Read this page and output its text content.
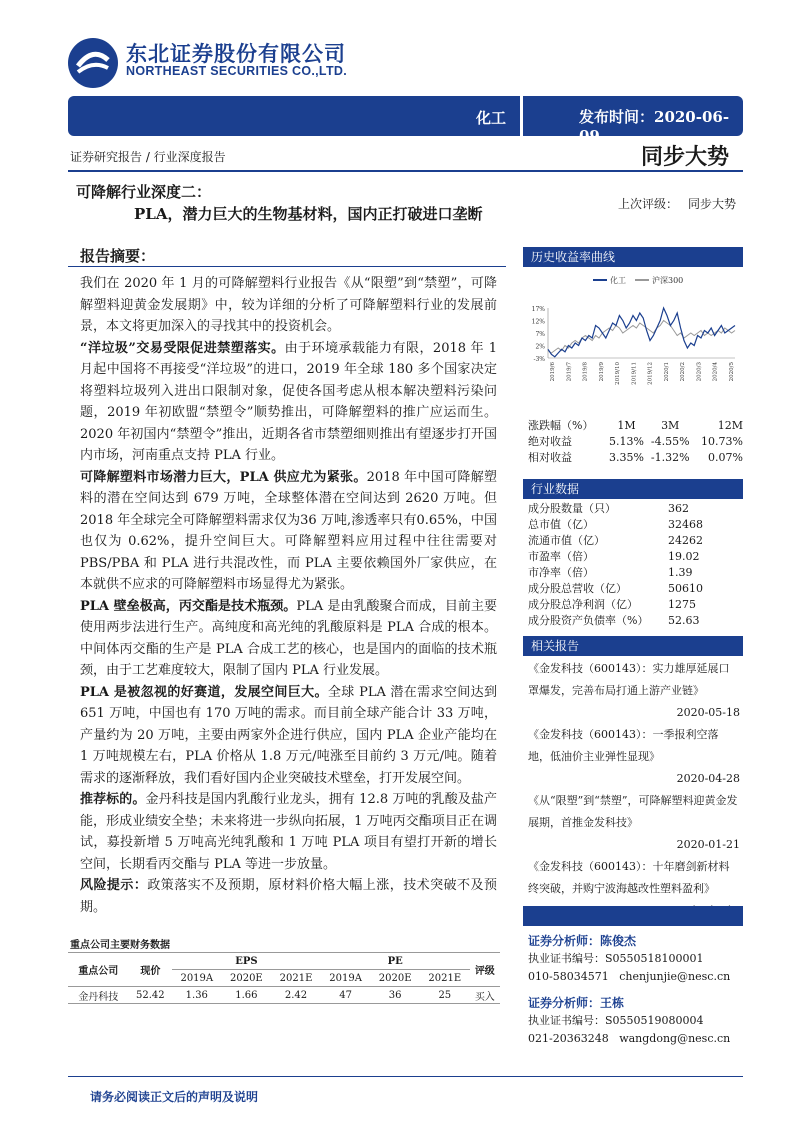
东北证券股份有限公司
NORTHEAST SECURITIES CO.,LTD.
化工	发布时间：2020-06-09
证券研究报告 / 行业深度报告	同步大势
可降解行业深度二：
PLA，潜力巨大的生物基材料，国内正打破进口垄断
上次评级： 同步大势
报告摘要：

我们在 2020 年 1 月的可降解塑料行业报告《从“限塑”到“禁塑”，可降解塑料迎黄金发展期》中，较为详细的分析了可降解塑料行业的发展前景，本文将更加深入的寻找其中的投资机会。

“洋垃圾”交易受限促进禁塑落实。由于环境承载能力有限，2018 年 1 月起中国将不再接受“洋垃圾”的进口，2019 年全球 180 多个国家决定将塑料垃圾列入进出口限制对象，促使各国考虑从根本解决塑料污染问题，2019 年初欧盟“禁塑令”顺势推出，可降解塑料的推广应运而生。2020 年初国内“禁塑令”推出，近期各省市禁塑细则推出有望逐步打开国内市场，河南重点支持 PLA 行业。

可降解塑料市场潜力巨大，PLA 供应尤为紧张。2018 年中国可降解塑料的潜在空间达到 679 万吨，全球整体潜在空间达到 2620 万吨。但2018 年全球完全可降解塑料需求仅为36 万吨,渗透率只有0.65%，中国也仅为 0.62%，提升空间巨大。可降解塑料应用过程中往往需要对 PBS/PBA 和 PLA 进行共混改性，而 PLA 主要依赖国外厂家供应，在本就供不应求的可降解塑料市场显得尤为紧张。

PLA 壁垒极高，丙交酯是技术瓶颈。PLA 是由乳酸聚合而成，目前主要使用两步法进行生产。高纯度和高光纯的乳酸原料是 PLA 合成的根本。中间体丙交酯的生产是 PLA 合成工艺的核心，也是国内的面临的技术瓶颈，由于工艺难度较大，限制了国内 PLA 行业发展。

PLA 是被忽视的好赛道，发展空间巨大。全球 PLA 潜在需求空间达到 651 万吨，中国也有 170 万吨的需求。而目前全球产能合计 33 万吨，产量约为 20 万吨，主要由两家外企进行供应，国内 PLA 企业产能均在 1 万吨规模左右，PLA 价格从 1.8 万元/吨涨至目前约 3 万元/吨。随着需求的逐渐释放，我们看好国内企业突破技术壁垒，打开发展空间。

推荐标的。金丹科技是国内乳酸行业龙头，拥有 12.8 万吨的乳酸及盐产能，形成业绩安全垫；未来将进一步纵向拓展，1 万吨丙交酯项目正在调试，募投新增 5 万吨高光纯乳酸和 1 万吨 PLA 项目有望打开新的增长空间，长期看丙交酯与 PLA 等进一步放量。

风险提示：政策落实不及预期，原材料价格大幅上涨，技术突破不及预期。

历史收益率曲线
化工	沪深300
17%
12%
7%
2%
-3%
2019/6 2019/7 2019/8 2019/9 2019/10 2019/11 2019/12 2020/1 2020/2 2020/3 2020/4 2020/5
涨跌幅（%）	1M	3M	12M
绝对收益	5.13%	-4.55%	10.73%
相对收益	3.35%	-1.32%	0.07%
行业数据
成分股数量（只）	362
总市值（亿）	32468
流通市值（亿）	24262
市盈率（倍）	19.02
市净率（倍）	1.39
成分股总营收（亿）	50610
成分股总净利润（亿）	1275
成分股资产负债率（%）	52.63
相关报告
《金发科技（600143）：实力雄厚延展口罩爆发，完善布局打通上游产业链》
2020-05-18
《金发科技（600143）：一季报利空落地，低油价主业弹性显现》
2020-04-28
《从“限塑”到“禁塑”，可降解塑料迎黄金发展期，首推金发科技》
2020-01-21
《金发科技（600143）：十年磨剑新材料终突破，并购宁波海越改性塑料盈利》
证券分析师：陈俊杰
执业证书编号：S0550518100001
010-58034571 chenjunjie@nesc.cn
证券分析师：王栋
执业证书编号：S0550519080004
021-20363248 wangdong@nesc.cn
重点公司主要财务数据
重点公司	现价	EPS			PE			评级
		2019A	2020E	2021E	2019A	2020E	2021E	
金丹科技	52.42	1.36	1.66	2.42	47	36	25	买入
请务必阅读正文后的声明及说明
